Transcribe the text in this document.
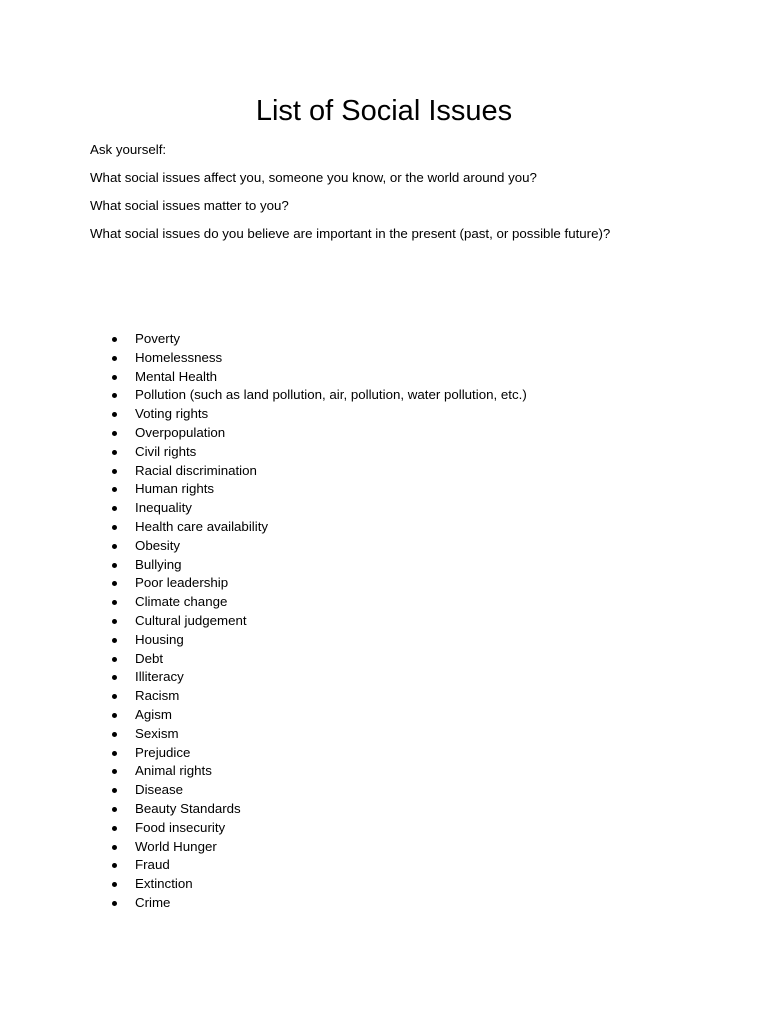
List of Social Issues

Ask yourself:

What social issues affect you, someone you know, or the world around you?

What social issues matter to you?

What social issues do you believe are important in the present (past, or possible future)?

Poverty
Homelessness
Mental Health
Pollution (such as land pollution, air, pollution, water pollution, etc.)
Voting rights
Overpopulation
Civil rights
Racial discrimination
Human rights
Inequality
Health care availability
Obesity
Bullying
Poor leadership
Climate change
Cultural judgement
Housing
Debt
Illiteracy
Racism
Agism
Sexism
Prejudice
Animal rights
Disease
Beauty Standards
Food insecurity
World Hunger
Fraud
Extinction
Crime
